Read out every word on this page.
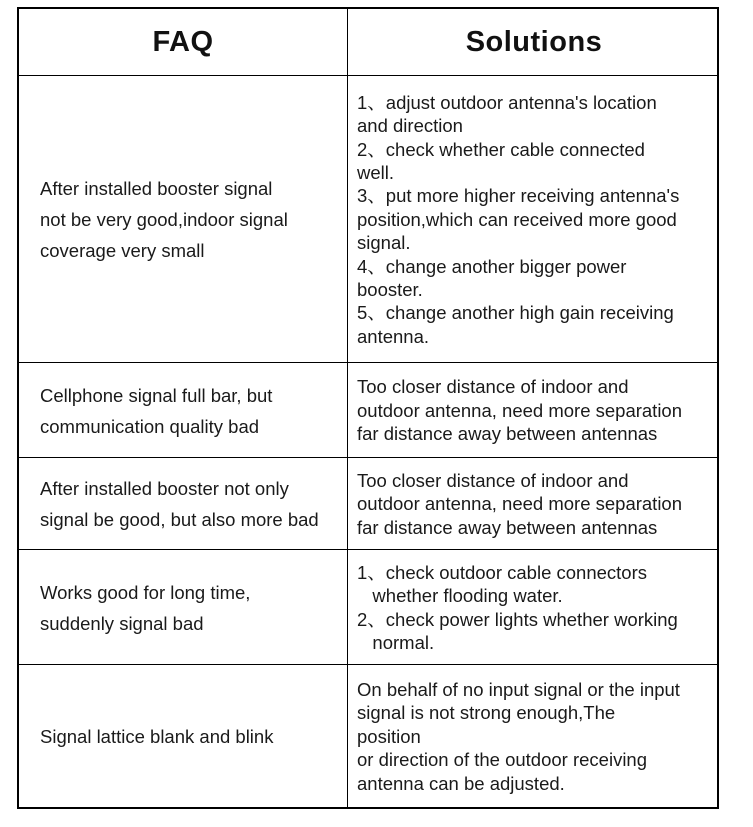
FAQ	Solutions
After installed booster signal
not be very good,indoor signal
coverage very small
1、adjust outdoor antenna's location
and direction
2、check whether cable connected
well.
3、put more higher receiving antenna's
position,which can received more good
signal.
4、change another bigger power
booster.
5、change another high gain receiving
antenna.
Cellphone signal full bar, but
communication quality bad
Too closer distance of indoor and
outdoor antenna, need more separation
far distance away between antennas
After installed booster not only
signal be good, but also more bad
Too closer distance of indoor and
outdoor antenna, need more separation
far distance away between antennas
Works good for long time,
suddenly signal bad
1、check outdoor cable connectors
whether flooding water.
2、check power lights whether working
normal.
Signal lattice blank and blink
On behalf of no input signal or the input
signal is not strong enough,The
position
or direction of the outdoor receiving
antenna can be adjusted.
